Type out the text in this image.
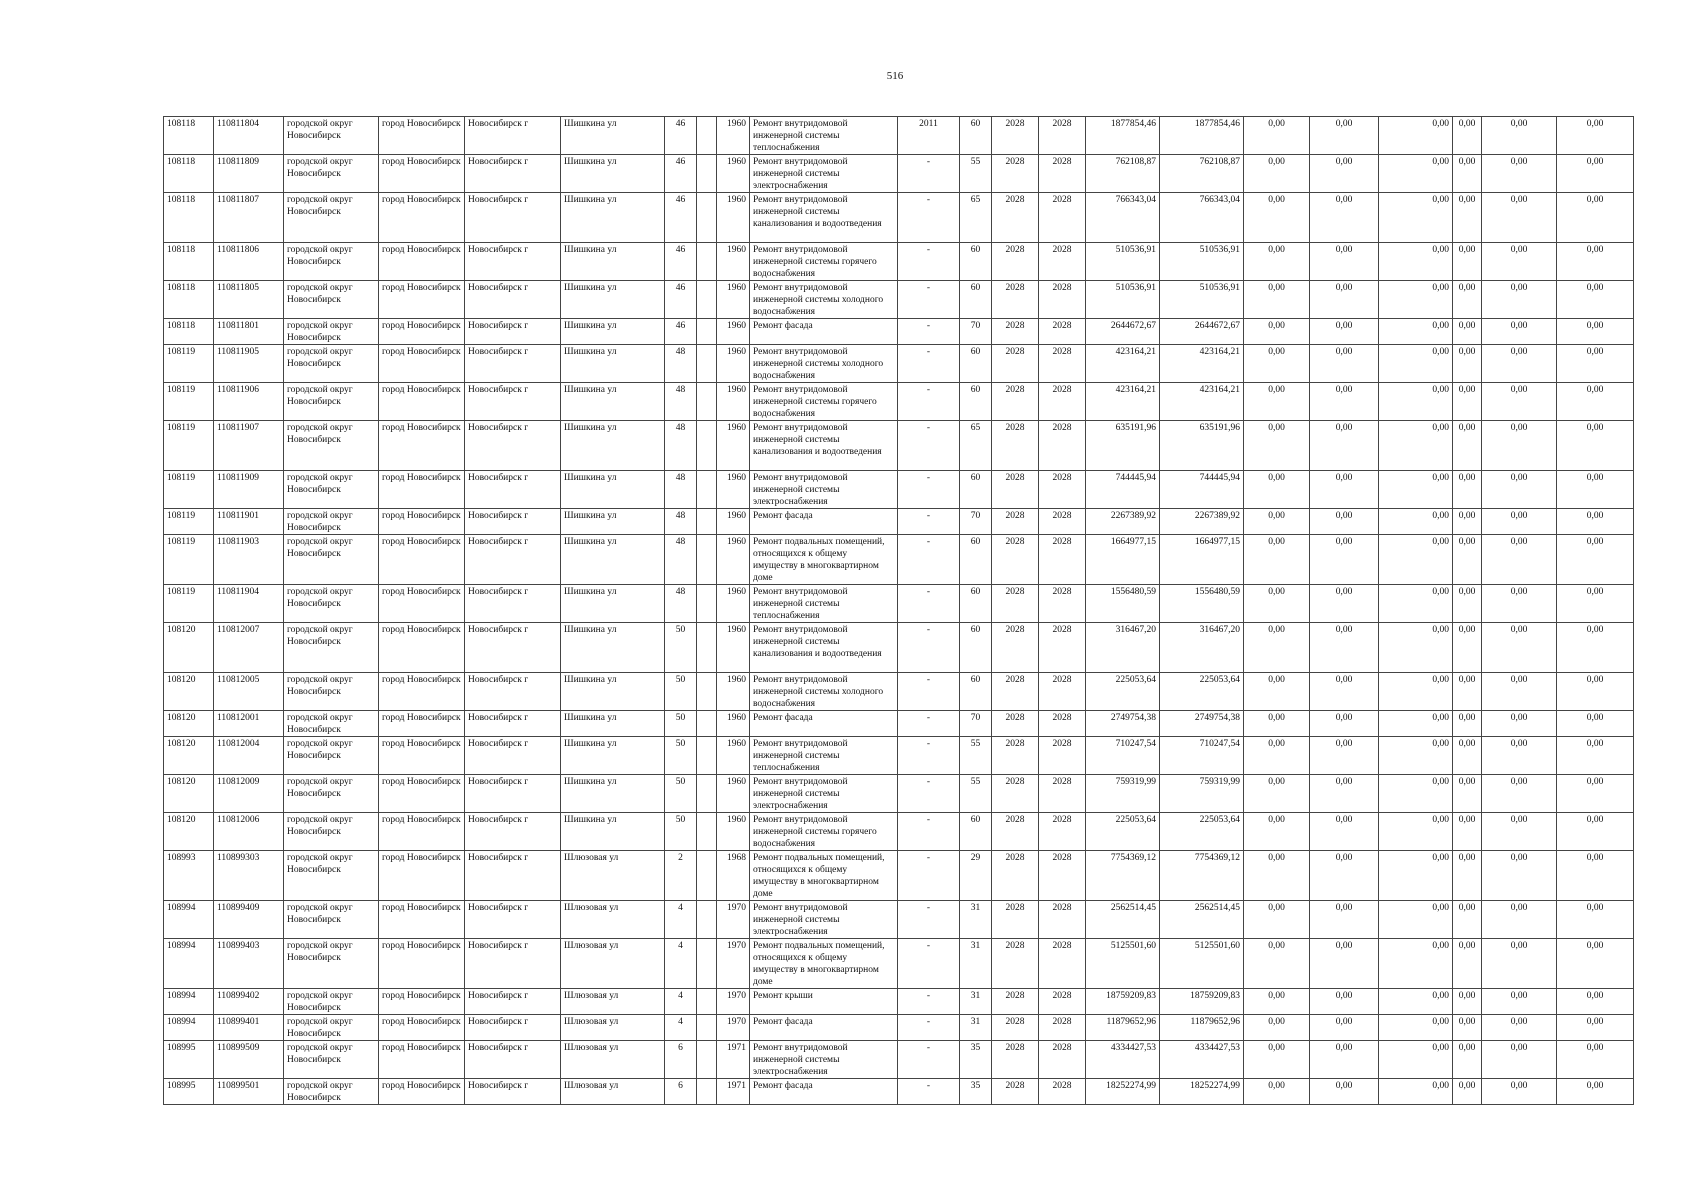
516
108118	110811804	городской округ Новосибирск	город Новосибирск	Новосибирск г	Шишкина ул	46		1960	Ремонт внутридомовой инженерной системы теплоснабжения	2011	60	2028	2028	1877854,46	1877854,46	0,00	0,00	0,00	0,00	0,00	0,00
108118	110811809	городской округ Новосибирск	город Новосибирск	Новосибирск г	Шишкина ул	46		1960	Ремонт внутридомовой инженерной системы электроснабжения	-	55	2028	2028	762108,87	762108,87	0,00	0,00	0,00	0,00	0,00	0,00
108118	110811807	городской округ Новосибирск	город Новосибирск	Новосибирск г	Шишкина ул	46		1960	Ремонт внутридомовой инженерной системы канализования и водоотведения	-	65	2028	2028	766343,04	766343,04	0,00	0,00	0,00	0,00	0,00	0,00
108118	110811806	городской округ Новосибирск	город Новосибирск	Новосибирск г	Шишкина ул	46		1960	Ремонт внутридомовой инженерной системы горячего водоснабжения	-	60	2028	2028	510536,91	510536,91	0,00	0,00	0,00	0,00	0,00	0,00
108118	110811805	городской округ Новосибирск	город Новосибирск	Новосибирск г	Шишкина ул	46		1960	Ремонт внутридомовой инженерной системы холодного водоснабжения	-	60	2028	2028	510536,91	510536,91	0,00	0,00	0,00	0,00	0,00	0,00
108118	110811801	городской округ Новосибирск	город Новосибирск	Новосибирск г	Шишкина ул	46		1960	Ремонт фасада	-	70	2028	2028	2644672,67	2644672,67	0,00	0,00	0,00	0,00	0,00	0,00
108119	110811905	городской округ Новосибирск	город Новосибирск	Новосибирск г	Шишкина ул	48		1960	Ремонт внутридомовой инженерной системы холодного водоснабжения	-	60	2028	2028	423164,21	423164,21	0,00	0,00	0,00	0,00	0,00	0,00
108119	110811906	городской округ Новосибирск	город Новосибирск	Новосибирск г	Шишкина ул	48		1960	Ремонт внутридомовой инженерной системы горячего водоснабжения	-	60	2028	2028	423164,21	423164,21	0,00	0,00	0,00	0,00	0,00	0,00
108119	110811907	городской округ Новосибирск	город Новосибирск	Новосибирск г	Шишкина ул	48		1960	Ремонт внутридомовой инженерной системы канализования и водоотведения	-	65	2028	2028	635191,96	635191,96	0,00	0,00	0,00	0,00	0,00	0,00
108119	110811909	городской округ Новосибирск	город Новосибирск	Новосибирск г	Шишкина ул	48		1960	Ремонт внутридомовой инженерной системы электроснабжения	-	60	2028	2028	744445,94	744445,94	0,00	0,00	0,00	0,00	0,00	0,00
108119	110811901	городской округ Новосибирск	город Новосибирск	Новосибирск г	Шишкина ул	48		1960	Ремонт фасада	-	70	2028	2028	2267389,92	2267389,92	0,00	0,00	0,00	0,00	0,00	0,00
108119	110811903	городской округ Новосибирск	город Новосибирск	Новосибирск г	Шишкина ул	48		1960	Ремонт подвальных помещений, относящихся к общему имуществу в многоквартирном доме	-	60	2028	2028	1664977,15	1664977,15	0,00	0,00	0,00	0,00	0,00	0,00
108119	110811904	городской округ Новосибирск	город Новосибирск	Новосибирск г	Шишкина ул	48		1960	Ремонт внутридомовой инженерной системы теплоснабжения	-	60	2028	2028	1556480,59	1556480,59	0,00	0,00	0,00	0,00	0,00	0,00
108120	110812007	городской округ Новосибирск	город Новосибирск	Новосибирск г	Шишкина ул	50		1960	Ремонт внутридомовой инженерной системы канализования и водоотведения	-	60	2028	2028	316467,20	316467,20	0,00	0,00	0,00	0,00	0,00	0,00
108120	110812005	городской округ Новосибирск	город Новосибирск	Новосибирск г	Шишкина ул	50		1960	Ремонт внутридомовой инженерной системы холодного водоснабжения	-	60	2028	2028	225053,64	225053,64	0,00	0,00	0,00	0,00	0,00	0,00
108120	110812001	городской округ Новосибирск	город Новосибирск	Новосибирск г	Шишкина ул	50		1960	Ремонт фасада	-	70	2028	2028	2749754,38	2749754,38	0,00	0,00	0,00	0,00	0,00	0,00
108120	110812004	городской округ Новосибирск	город Новосибирск	Новосибирск г	Шишкина ул	50		1960	Ремонт внутридомовой инженерной системы теплоснабжения	-	55	2028	2028	710247,54	710247,54	0,00	0,00	0,00	0,00	0,00	0,00
108120	110812009	городской округ Новосибирск	город Новосибирск	Новосибирск г	Шишкина ул	50		1960	Ремонт внутридомовой инженерной системы электроснабжения	-	55	2028	2028	759319,99	759319,99	0,00	0,00	0,00	0,00	0,00	0,00
108120	110812006	городской округ Новосибирск	город Новосибирск	Новосибирск г	Шишкина ул	50		1960	Ремонт внутридомовой инженерной системы горячего водоснабжения	-	60	2028	2028	225053,64	225053,64	0,00	0,00	0,00	0,00	0,00	0,00
108993	110899303	городской округ Новосибирск	город Новосибирск	Новосибирск г	Шлюзовая ул	2		1968	Ремонт подвальных помещений, относящихся к общему имуществу в многоквартирном доме	-	29	2028	2028	7754369,12	7754369,12	0,00	0,00	0,00	0,00	0,00	0,00
108994	110899409	городской округ Новосибирск	город Новосибирск	Новосибирск г	Шлюзовая ул	4		1970	Ремонт внутридомовой инженерной системы электроснабжения	-	31	2028	2028	2562514,45	2562514,45	0,00	0,00	0,00	0,00	0,00	0,00
108994	110899403	городской округ Новосибирск	город Новосибирск	Новосибирск г	Шлюзовая ул	4		1970	Ремонт подвальных помещений, относящихся к общему имуществу в многоквартирном доме	-	31	2028	2028	5125501,60	5125501,60	0,00	0,00	0,00	0,00	0,00	0,00
108994	110899402	городской округ Новосибирск	город Новосибирск	Новосибирск г	Шлюзовая ул	4		1970	Ремонт крыши	-	31	2028	2028	18759209,83	18759209,83	0,00	0,00	0,00	0,00	0,00	0,00
108994	110899401	городской округ Новосибирск	город Новосибирск	Новосибирск г	Шлюзовая ул	4		1970	Ремонт фасада	-	31	2028	2028	11879652,96	11879652,96	0,00	0,00	0,00	0,00	0,00	0,00
108995	110899509	городской округ Новосибирск	город Новосибирск	Новосибирск г	Шлюзовая ул	6		1971	Ремонт внутридомовой инженерной системы электроснабжения	-	35	2028	2028	4334427,53	4334427,53	0,00	0,00	0,00	0,00	0,00	0,00
108995	110899501	городской округ Новосибирск	город Новосибирск	Новосибирск г	Шлюзовая ул	6		1971	Ремонт фасада	-	35	2028	2028	18252274,99	18252274,99	0,00	0,00	0,00	0,00	0,00	0,00
